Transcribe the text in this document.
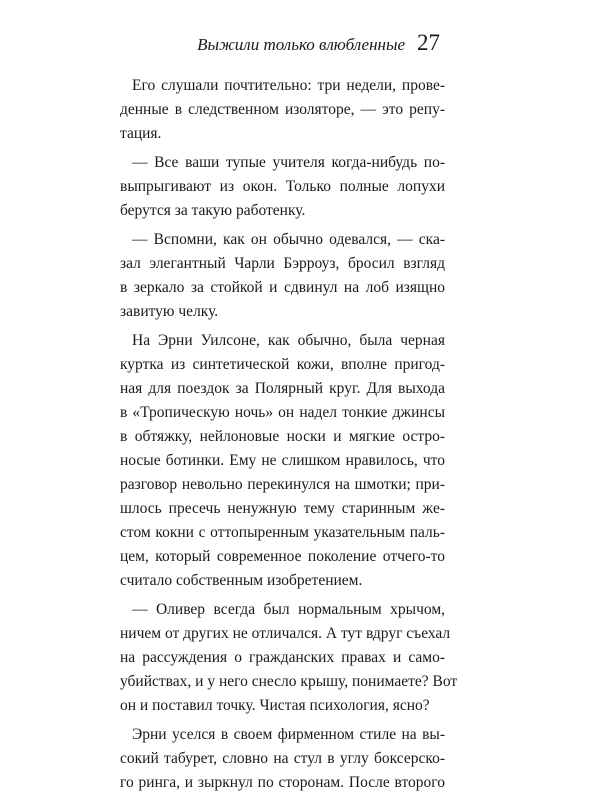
Выжили только влюбленные 27
Его слушали почтительно: три недели, прове-
денные в следственном изоляторе, — это репу-
тация.
— Все ваши тупые учителя когда-нибудь по-
выпрыгивают из окон. Только полные лопухи
берутся за такую работенку.
— Вспомни, как он обычно одевался, — ска-
зал элегантный Чарли Бэрроуз, бросил взгляд
в зеркало за стойкой и сдвинул на лоб изящно
завитую челку.
На Эрни Уилсоне, как обычно, была черная
куртка из синтетической кожи, вполне пригод-
ная для поездок за Полярный круг. Для выхода
в «Тропическую ночь» он надел тонкие джинсы
в обтяжку, нейлоновые носки и мягкие остро-
носые ботинки. Ему не слишком нравилось, что
разговор невольно перекинулся на шмотки; при-
шлось пресечь ненужную тему старинным жe-
стом кокни с оттопыренным указательным паль-
цем, который современное поколение отчего-то
считало собственным изобретением.
— Оливер всегда был нормальным хрычом,
ничем от других не отличался. А тут вдруг съехал
на рассуждения о гражданских правах и само-
убийствах, и у него снесло крышу, понимаете? Вот
он и поставил точку. Чистая психология, ясно?
Эрни уселся в своем фирменном стиле на вы-
сокий табурет, словно на стул в углу боксерско-
го ринга, и зыркнул по сторонам. После второго
